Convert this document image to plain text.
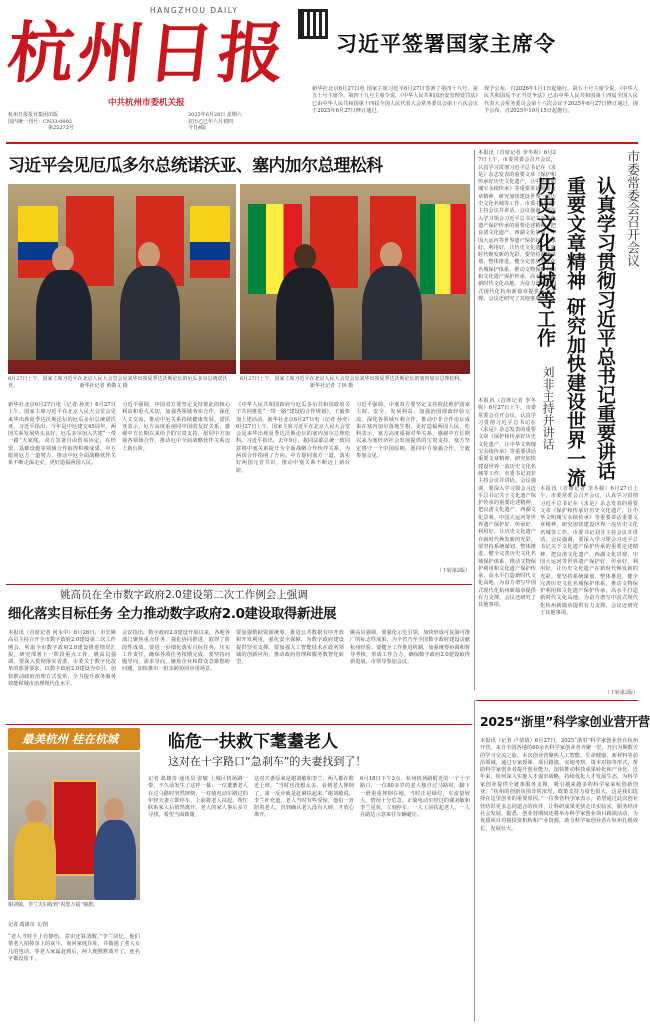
HANGZHOU DAILY
杭州日报
中共杭州市委机关报
习近平签署国家主席令
杭州日报报业集团出版
国内统一刊号：CN33-0002
第25272号
2025年6月28日 星期六
农历乙巳年六月初四
今日4版
新华社北京6月27日电 国家主席习近平6月27日签署了第四十九号、第五十号主席令。第四十九号主席令说，《中华人民共和国治安管理处罚法》已由中华人民共和国第十四届全国人民代表大会常务委员会第十六次会议于2025年6月27日修订通过，
现予公布，自2026年1月1日起施行。第五十号主席令说，《中华人民共和国反不正当竞争法》已由中华人民共和国第十四届全国人民代表大会常务委员会第十六次会议于2025年6月27日修订通过，现予公布，自2025年10月15日起施行。
习近平会见厄瓜多尔总统诺沃亚、塞内加尔总理松科
6月27日上午，国家主席习近平在北京人民大会堂会见来华出席夏季达沃斯论坛的厄瓜多尔总统诺沃亚。	新华社记者 黄敬文 摄
6月27日上午，国家主席习近平在北京人民大会堂会见来华出席夏季达沃斯论坛的塞内加尔总理松科。 新华社记者 丁林 摄
新华社北京6月27日电（记者 孙奕）6月27日上午，国家主席习近平在北京人民大会堂会见来华出席夏季达沃斯论坛的厄瓜多尔总统诺沃亚。习近平指出，今年是中厄建交45周年。两国关系发展势头良好，厄瓜多尔加入共建“一带一路”大家庭，双方签署自由贸易协定，在经贸、基础设施等领域合作取得积极成果。中方愿同厄方一道努力，推动中厄全面战略伙伴关系不断走深走实，更好造福两国人民。
习近平强调，中国双方要坚定支持彼此的核心利益和重大关切，加强各领域务实合作，深化人文交流，推动中厄关系持续健康发展。诺沃亚表示，厄方高度重视同中国的友好关系，感谢中方长期以来给予的宝贵支持，愿同中方加强各领域合作，推动厄中全面战略伙伴关系迈上新台阶。
《中华人民共和国政府与厄瓜多尔共和国政府关于共同推进“一带一路”建设的合作规划》。王毅参加上述活动。新华社北京6月27日电（记者 孙奕）6月27日上午，国家主席习近平在北京人民大会堂会见来华出席夏季达沃斯论坛的塞内加尔总理松科。习近平指出，去年9月，我同法耶总统一致同意将中塞关系提升为全面战略合作伙伴关系，为两国合作指明了方向。中方愿同塞方一道，落实好两国元首共识，推动中塞关系不断迈上新台阶。
习近平强调，中塞双方要坚定支持彼此维护国家主权、安全、发展利益，加强治国理政经验交流，深化各领域互利合作，推动中非合作论坛成果在塞内加尔落地生根，更好造福两国人民。松科表示，塞方高度重视对华关系，感谢中方长期以来为塞经济社会发展提供的宝贵支持。塞方坚定恪守一个中国原则，愿同中方加强合作。王毅参加会见。
（下转第2版）
本报讯（首席记者 李冬妮）6月27日上午，市委常委会召开会议，认真学习贯彻习近平总书记在《求是》杂志发表的重要文章《保护和传承好历史文化遗产，让中华文明瑰宝永续传承》等重要讲话重要文章精神，研究加快建设世界一流历史文化名城等工作。市委书记刘非主持会议并讲话。会议强调，要深入学习领会习近平总书记关于文化遗产保护传承的重要论述精神，把良渚文化遗产、西湖文化景观、中国大运河等世界遗产保护好、传承好、利用好，让历史文化遗产在新时代焕发新的光彩。要坚持系统谋划、整体推进，健全完善历史文化名城保护体系，推动文物保护利用和文化遗产保护传承，高水平打造新时代文化高地，为奋力谱写中国式现代化杭州新篇章提供有力支撑。会议还研究了其他事项。
市委常委会召开会议
认真学习贯彻习近平总书记重要讲话重要文章精神 研究加快建设世界一流历史文化名城等工作
刘非主持并讲话
本报讯（首席记者 李冬妮）6月27日上午，市委常委会召开会议，认真学习贯彻习近平总书记在《求是》杂志发表的重要文章《保护和传承好历史文化遗产，让中华文明瑰宝永续传承》等重要讲话重要文章精神，研究加快建设世界一流历史文化名城等工作。市委书记刘非主持会议并讲话。会议强调，要深入学习领会习近平总书记关于文化遗产保护传承的重要论述精神，把良渚文化遗产、西湖文化景观、中国大运河等世界遗产保护好、传承好、利用好，让历史文化遗产在新时代焕发新的光彩。要坚持系统谋划、整体推进，健全完善历史文化名城保护体系，推动文物保护利用和文化遗产保护传承，高水平打造新时代文化高地，为奋力谱写中国式现代化杭州新篇章提供有力支撑。会议还研究了其他事项。
本报讯（首席记者 李冬妮）6月27日上午，市委常委会召开会议，认真学习贯彻习近平总书记在《求是》杂志发表的重要文章《保护和传承好历史文化遗产，让中华文明瑰宝永续传承》等重要讲话重要文章精神，研究加快建设世界一流历史文化名城等工作。市委书记刘非主持会议并讲话。会议强调，要深入学习领会习近平总书记关于文化遗产保护传承的重要论述精神，把良渚文化遗产、西湖文化景观、中国大运河等世界遗产保护好、传承好、利用好，让历史文化遗产在新时代焕发新的光彩。要坚持系统谋划、整体推进，健全完善历史文化名城保护体系，推动文物保护利用和文化遗产保护传承，高水平打造新时代文化高地，为奋力谱写中国式现代化杭州新篇章提供有力支撑。会议还研究了其他事项。
（下转第2版）
姚高员在全市数字政府2.0建设第二次工作例会上强调
细化落实目标任务 全力推动数字政府2.0建设取得新进展
本报讯（首席记者 何永中）6月26日，市长姚高员主持召开全市数字政府2.0建设第二次工作例会，听取全市数字政府2.0建设推进情况汇报，研究部署下一阶段重点工作。姚高员强调，要深入贯彻落实省委、市委关于数字化改革的部署要求，以数字政府2.0建设为牵引，加快推动政府治理方式变革，全力提升政务服务效能和城市治理现代化水平。
会议指出，数字政府2.0建设开展以来，各地各部门聚焦重点任务、强化协同推进，取得了阶段性成效。要进一步细化落实目标任务，压实工作责任，确保各项任务按期完成。要坚持问题导向、需求导向，聚焦企业和群众急难愁盼问题，加快推出一批多跨协同应用场景。
要加强数据资源统筹，推进公共数据有序开放和开发利用，强化安全保障，为数字政府建设提供坚实支撑。要加强人工智能技术在政务领域的创新应用，推动政府管理和服务数智化转型。
姚高员强调，要强化示范引领，加快形成可复制可推广的标志性成果，为全省乃至全国数字政府建设贡献杭州经验。要健全工作推进机制，加强统筹协调和督导考核，形成工作合力，确保数字政府2.0建设取得新进展。市领导参加会议。
最美杭州 桂在杭城
谢刘敏，李兰夫妇收到“祝您万福”锦旗。
记者 葛雄奇 文/图
临危一扶救下耄耋老人
这对在十字路口“急刹车”的夫妻找到了！
记者 葛雄奇 通讯员 张敏 上城区机场路一带，不久前发生了这样一幕：一位耄耋老人在过马路时突然摔倒，一对骑电动车路过的年轻夫妻立即停车，上前将老人扶起，帮忙联系家人后悄然离开。老人的家人事后多方寻找，希望当面致谢。
这对夫妻原来是谢刘敏和李兰，两人都在附近上班。“当时也没想太多，看到老人摔倒了，第一反应就是赶紧扶起来。”谢刘敏说。李兰补充道，老人当时有些受惊，他们一直陪着老人，直到确认老人没有大碍，才放心离开。
6月18日下午3点，杭州机场路附近的一个十字路口，一位80多岁的老人独自过马路时，脚下一滑重重摔倒在地。当时正是绿灯，车流量较大，情况十分危急。正骑电动车经过的谢刘敏和李兰见状，立刻停车，一人上前扶起老人，一人在路边示意来往车辆避让。
“老人当时手上有擦伤，意识还算清醒。”李兰回忆，他们帮老人拍掉身上的灰尘，询问家庭住址，并拨通了老人女儿的电话。等老人家属赶到后，两人便默默离开了，连名字都没留下。
2025“浙里”科学家创业营开营
本报讯（记者 卢倩倩）6月27日，2025“浙里”科学家创业营在杭州开营。来自全国各地的60余名科学家创业者齐聚一堂，开启为期数天的学习交流之旅。本次创业营聚焦人工智能、生命健康、新材料等前沿领域，通过专家授课、项目路演、实地考察、资本对接等形式，帮助科学家创业者提升创业能力，加快推动科技成果转化和产业化。近年来，杭州深入实施人才强市战略，持续优化人才发展生态，为科学家创业提供全链条服务支撑，吸引越来越多的科学家来杭创新创业。“杭州的创新氛围非常浓厚，政策支持力度也很大，这是我们选择在这里创业的重要原因。”一位参营科学家表示，希望通过此次创业营结识更多志同道合的伙伴，让科研成果更快走出实验室，服务经济社会发展。据悉，创业营期间还将举办科学家创业项目路演活动，为优质项目对接投资机构和产业资源，助力科学家创业者在杭州扎根成长、发展壮大。
